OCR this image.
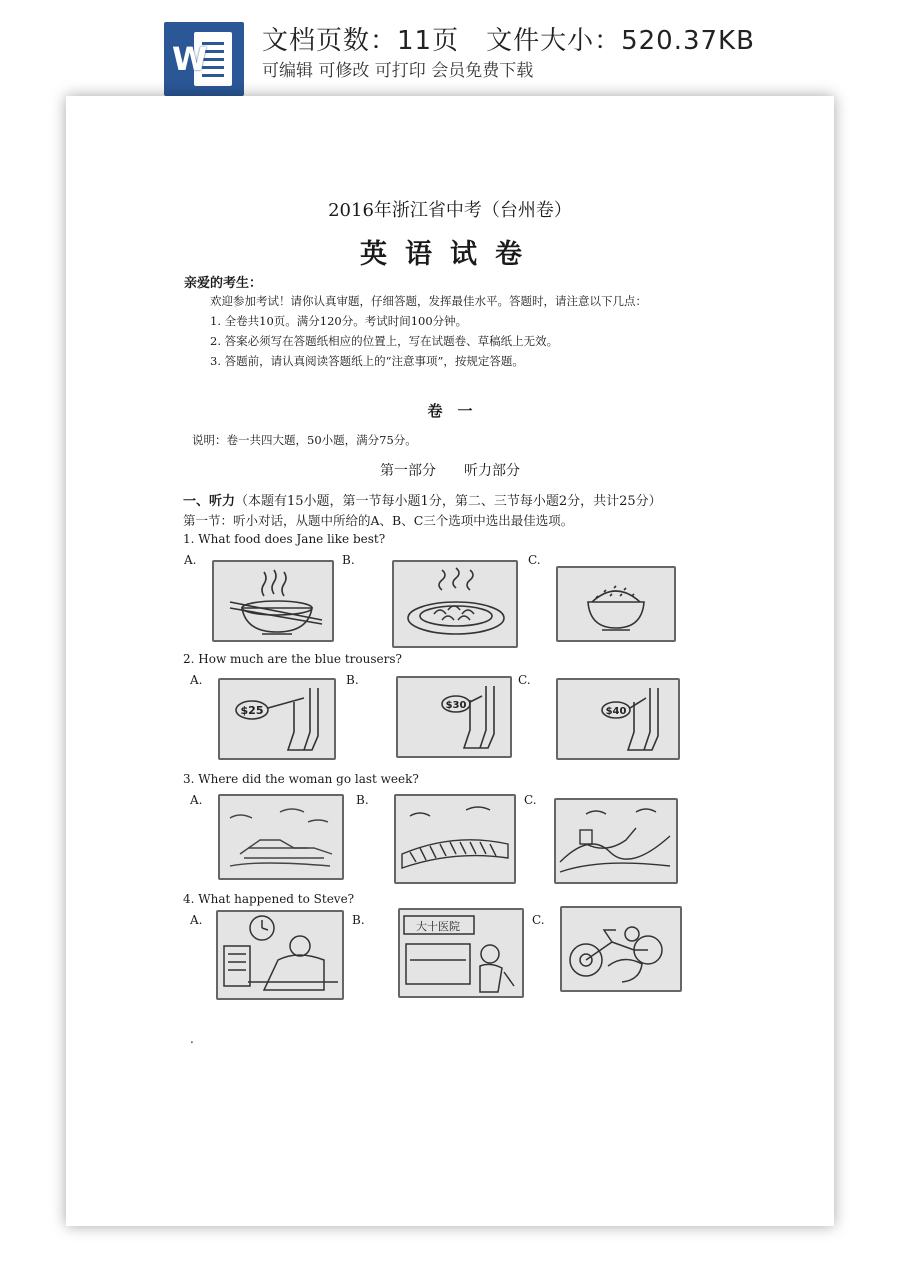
W 文档页数：11页　文件大小：520.37KB
可编辑 可修改 可打印 会员免费下载
2016年浙江省中考（台州卷）
英语试卷
亲爱的考生：
欢迎参加考试！请你认真审题，仔细答题，发挥最佳水平。答题时，请注意以下几点：
1. 全卷共10页。满分120分。考试时间100分钟。
2. 答案必须写在答题纸相应的位置上，写在试题卷、草稿纸上无效。
3. 答题前，请认真阅读答题纸上的“注意事项”，按规定答题。
卷　一
说明：卷一共四大题，50小题，满分75分。
第一部分　　听力部分
一、听力（本题有15小题，第一节每小题1分，第二、三节每小题2分，共计25分）
第一节：听小对话，从题中所给的A、B、C三个选项中选出最佳选项。
1. What food does Jane like best?
A.	B.	C.
2. How much are the blue trousers?
A.	B.	C.
$25	$30
$40
3. Where did the woman go last week?
A.	B.	C.
4. What happened to Steve?
A.	B.	C.
大十医院
.
